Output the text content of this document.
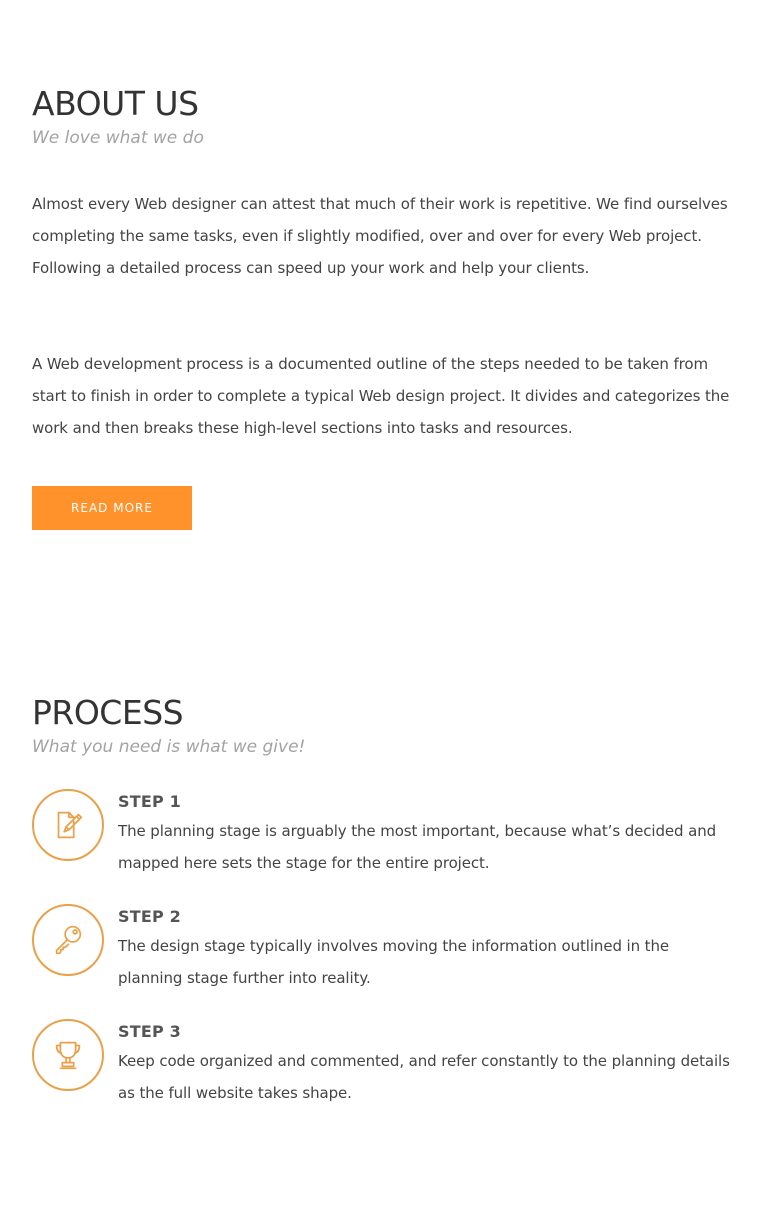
ABOUT US

We love what we do

Almost every Web designer can attest that much of their work is repetitive. We find ourselves completing the same tasks, even if slightly modified, over and over for every Web project. Following a detailed process can speed up your work and help your clients.

A Web development process is a documented outline of the steps needed to be taken from start to finish in order to complete a typical Web design project. It divides and categorizes the work and then breaks these high-level sections into tasks and resources.

READ MORE
PROCESS

What you need is what we give!

STEP 1

The planning stage is arguably the most important, because what’s decided and mapped here sets the stage for the entire project.

STEP 2

The design stage typically involves moving the information outlined in the planning stage further into reality.

STEP 3

Keep code organized and commented, and refer constantly to the planning details as the full website takes shape.
